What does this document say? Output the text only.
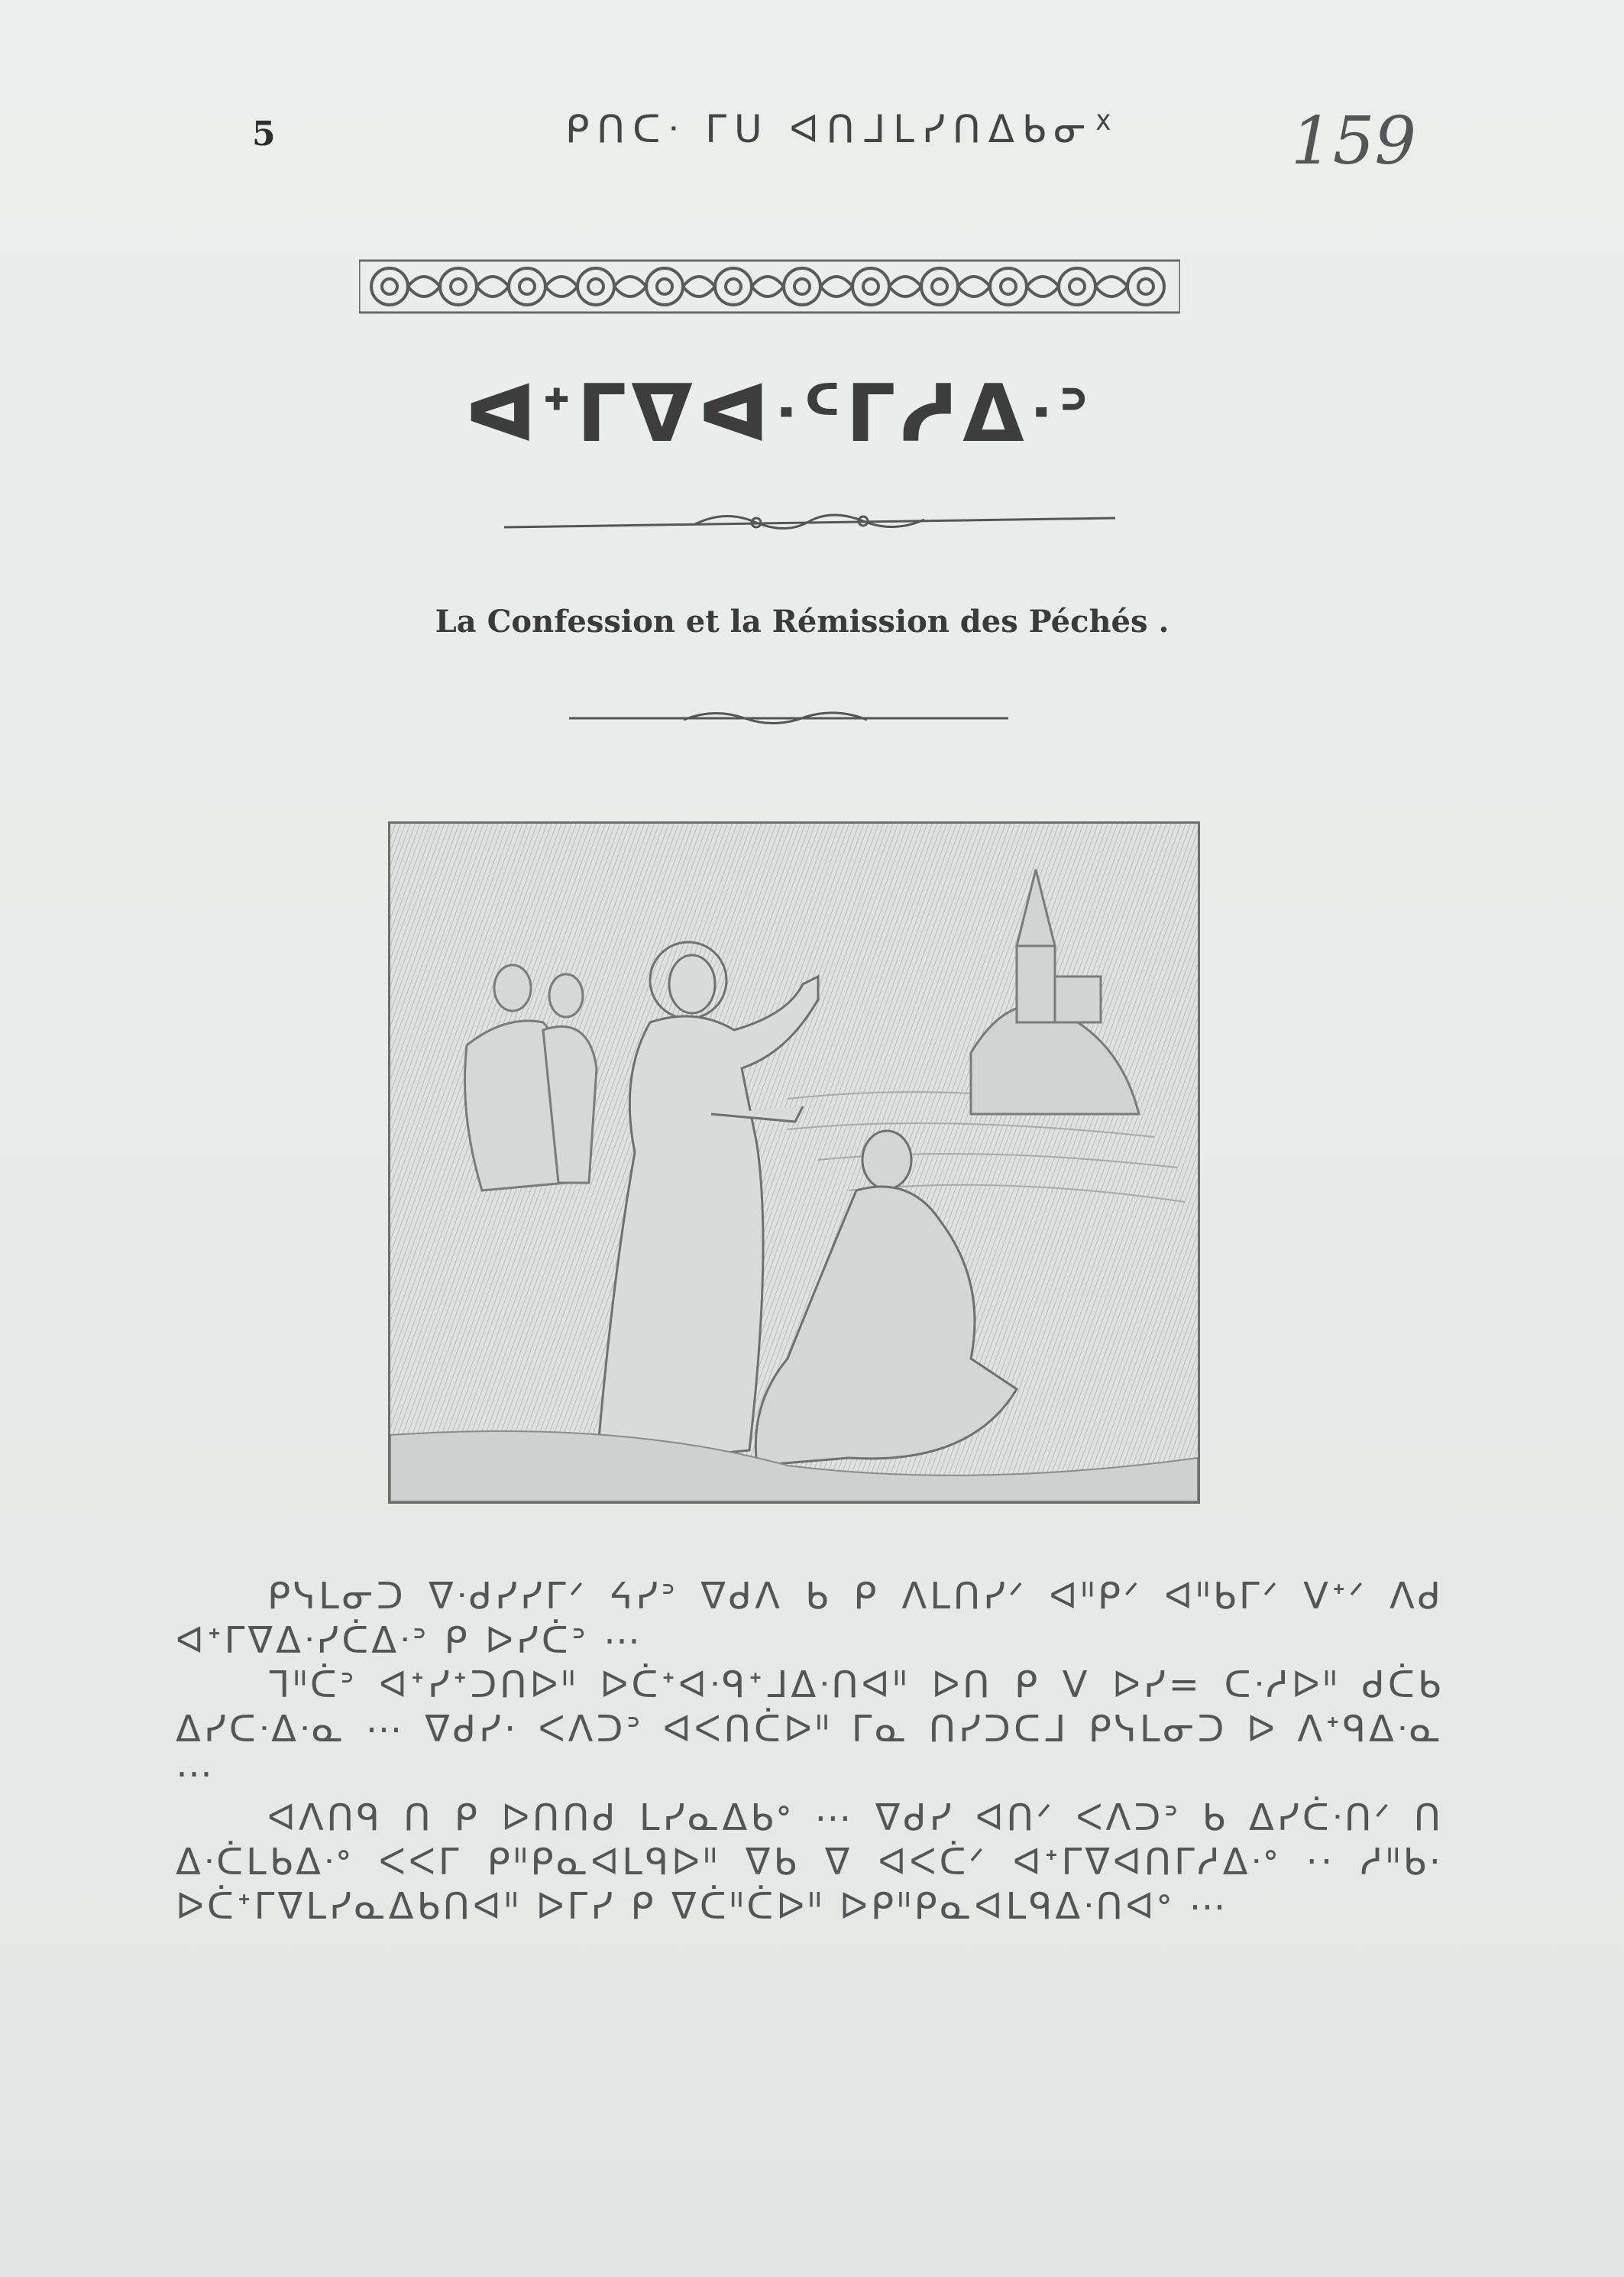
5	ᑭᑎᑕᐧ ᒥᑌ ᐊᑎᒧᒪᓯᑎᐃᑲᓂᕽ	159
ᐊᕀᒥᐁᐊᐧᑦᒥᓱᐃᐧᐣ
La Confession et la Rémission des Péchés .

ᑭᓭᒪᓂᑐ ᐁᐧᑯᓯᓯᒥᐟ ᔦᓯᐣ ᐁᑯᐱ ᑲ ᑭ ᐱᒪᑎᓯᐟ ᐊᐦᑭᐟ ᐊᐦᑲᒥᐟ ᐯᕀᐟ ᐱᑯ ᐊᕀᒥᐁᐃᐧᓯᑖᐃᐧᐣ ᑭ ᐅᓯᑖᐣ ⋯

ᒣᐦᑖᐣ ᐊᕀᓯᕀᑐᑎᐅᐦ ᐅᑖᕀᐊᐧᑫᕀᒧᐃᐧᑎᐊᐦ ᐅᑎ ᑭ ᐯ ᐅᓯ= ᑕᐧᓱᐅᐦ ᑯᑖᑲ ᐃᓯᑕᐧᐃᐧᓇ ⋯ ᐁᑯᓯ· ᐸᐱᑐᐣ ᐊᐸᑎᑖᐅᐦ ᒥᓇ ᑎᓯᑐᑕᒧ ᑭᓭᒪᓂᑐ ᐅ ᐱᕀᑫᐃᐧᓇ ⋯

ᐊᐱᑎᑫ ᑎ ᑭ ᐅᑎᑎᑯ ᒪᓯᓇᐃᑲᐤ ⋯ ᐁᑯᓯ ᐊᑎᐟ ᐸᐱᑐᐣ ᑲ ᐃᓯᑖᐧᑎᐟ ᑎ ᐃᐧᑖᒪᑲᐃᐧᐤ ᐸᐸᒥ ᑭᐦᑭᓇᐊᒪᑫᐅᐦ ᐁᑲ ᐁ ᐊᐸᑖᐟ ᐊᕀᒥᐁᐊᑎᒥᓱᐃᐧᐤ ·· ᓱᐦᑲ· ᐅᑖᕀᒥᐁᒪᓯᓇᐃᑲᑎᐊᐦ ᐅᒥᓯ ᑭ ᐁᑖᐦᑖᐅᐦ ᐅᑭᐦᑭᓇᐊᒪᑫᐃᐧᑎᐊᐤ ⋯
